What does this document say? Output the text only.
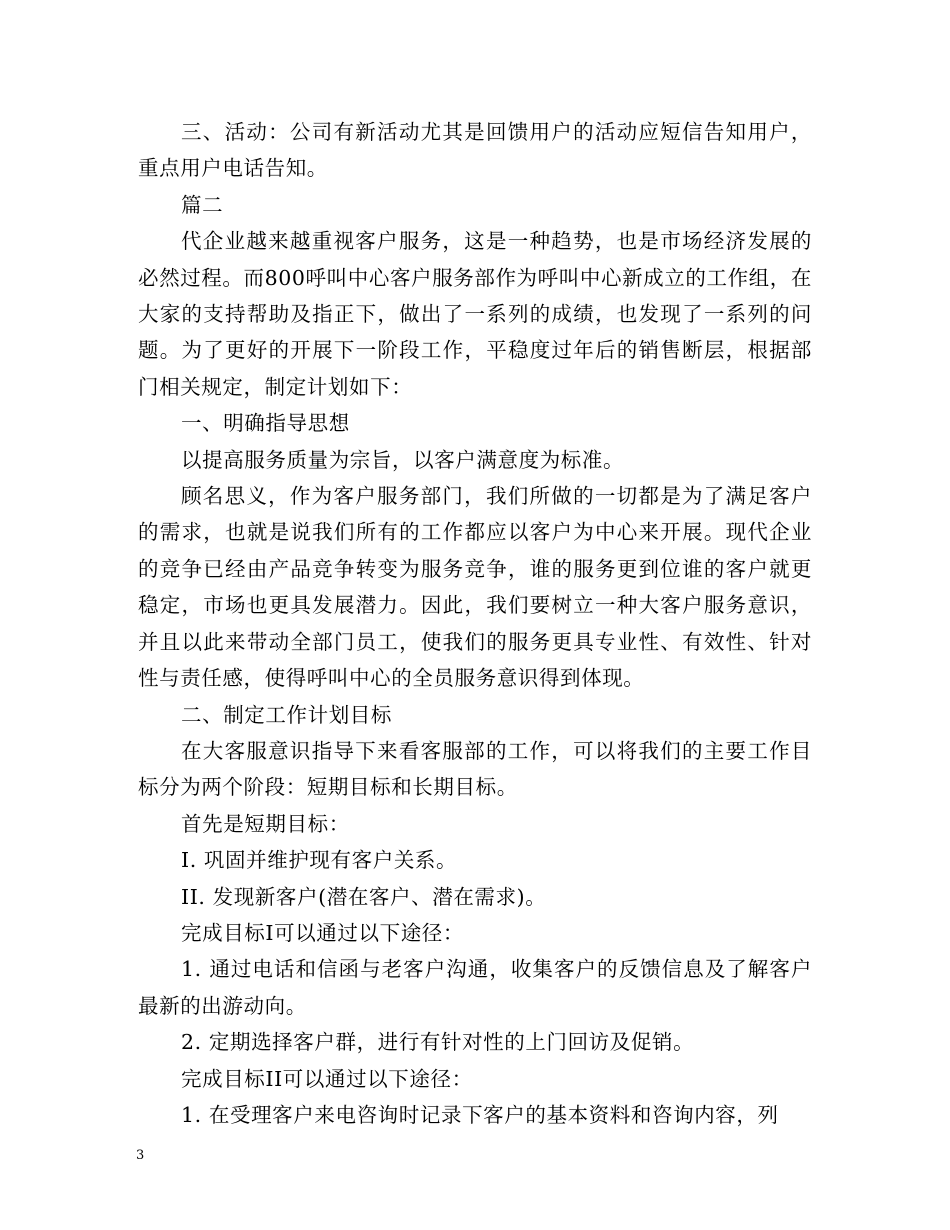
三、活动：公司有新活动尤其是回馈用户的活动应短信告知用户，重点用户电话告知。

篇二

代企业越来越重视客户服务，这是一种趋势，也是市场经济发展的必然过程。而800呼叫中心客户服务部作为呼叫中心新成立的工作组，在大家的支持帮助及指正下，做出了一系列的成绩，也发现了一系列的问题。为了更好的开展下一阶段工作，平稳度过年后的销售断层，根据部门相关规定，制定计划如下：

一、明确指导思想

以提高服务质量为宗旨，以客户满意度为标准。

顾名思义，作为客户服务部门，我们所做的一切都是为了满足客户的需求，也就是说我们所有的工作都应以客户为中心来开展。现代企业的竞争已经由产品竞争转变为服务竞争，谁的服务更到位谁的客户就更稳定，市场也更具发展潜力。因此，我们要树立一种大客户服务意识，并且以此来带动全部门员工，使我们的服务更具专业性、有效性、针对性与责任感，使得呼叫中心的全员服务意识得到体现。

二、制定工作计划目标

在大客服意识指导下来看客服部的工作，可以将我们的主要工作目标分为两个阶段：短期目标和长期目标。

首先是短期目标：

I. 巩固并维护现有客户关系。

II. 发现新客户(潜在客户、潜在需求)。

完成目标I可以通过以下途径：

1. 通过电话和信函与老客户沟通，收集客户的反馈信息及了解客户最新的出游动向。

2. 定期选择客户群，进行有针对性的上门回访及促销。

完成目标II可以通过以下途径：

1. 在受理客户来电咨询时记录下客户的基本资料和咨询内容，列

3
